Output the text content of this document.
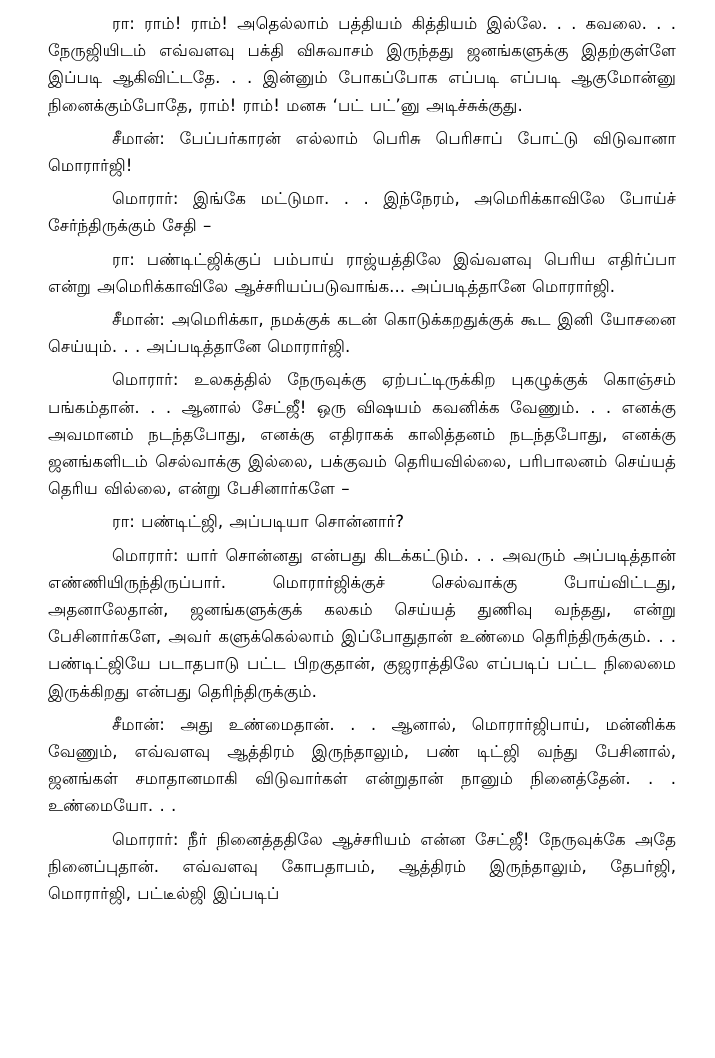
ரா: ராம்! ராம்! அதெல்லாம் பத்தியம் கித்தியம் இல்லே. . . கவலை. . . நேருஜியிடம் எவ்வளவு பக்தி விசுவாசம் இருந்தது ஜனங்களுக்கு இதற்குள்ளே இப்படி ஆகிவிட்டதே. . . இன்னும் போகப்போக எப்படி எப்படி ஆகுமோன்னு நினைக்கும்போதே, ராம்! ராம்! மனசு ‘பட் பட்’னு அடிச்சுக்குது.

சீமான்: பேப்பர்காரன் எல்லாம் பெரிசு பெரிசாப் போட்டு விடுவானா மொரார்ஜி!

மொரார்: இங்கே மட்டுமா. . . இந்நேரம், அமெரிக்காவிலே போய்ச் சேர்ந்திருக்கும் சேதி –

ரா: பண்டிட்ஜிக்குப் பம்பாய் ராஜ்யத்திலே இவ்வளவு பெரிய எதிர்ப்பா என்று அமெரிக்காவிலே ஆச்சரியப்படுவாங்க... அப்படித்தானே மொரார்ஜி.

சீமான்: அமெரிக்கா, நமக்குக் கடன் கொடுக்கறதுக்குக் கூட இனி யோசனை செய்யும். . . அப்படித்தானே மொரார்ஜி.

மொரார்: உலகத்தில் நேருவுக்கு ஏற்பட்டிருக்கிற புகழுக்குக் கொஞ்சம் பங்கம்தான். . . ஆனால் சேட்ஜீ! ஒரு விஷயம் கவனிக்க வேணும். . . எனக்கு அவமானம் நடந்தபோது, எனக்கு எதிராகக் காலித்தனம் நடந்தபோது, எனக்கு ஜனங்களிடம் செல்வாக்கு இல்லை, பக்குவம் தெரியவில்லை, பரிபாலனம் செய்யத் தெரிய வில்லை, என்று பேசினார்களே –

ரா: பண்டிட்ஜி, அப்படியா சொன்னார்?

மொரார்: யார் சொன்னது என்பது கிடக்கட்டும். . . அவரும் அப்படித்தான் எண்ணியிருந்திருப்பார். மொரார்ஜிக்குச் செல்வாக்கு போய்விட்டது, அதனாலேதான், ஜனங்களுக்குக் கலகம் செய்யத் துணிவு வந்தது, என்று பேசினார்களே, அவர் களுக்கெல்லாம் இப்போதுதான் உண்மை தெரிந்திருக்கும். . . பண்டிட்ஜியே படாதபாடு பட்ட பிறகுதான், குஜராத்திலே எப்படிப் பட்ட நிலைமை இருக்கிறது என்பது தெரிந்திருக்கும்.

சீமான்: அது உண்மைதான். . . ஆனால், மொரார்ஜிபாய், மன்னிக்க வேணும், எவ்வளவு ஆத்திரம் இருந்தாலும், பண் டிட்ஜி வந்து பேசினால், ஜனங்கள் சமாதானமாகி விடுவார்கள் என்றுதான் நானும் நினைத்தேன். . . உண்மையோ. . .

மொரார்: நீர் நினைத்ததிலே ஆச்சரியம் என்ன சேட்ஜீ! நேருவுக்கே அதே நினைப்புதான். எவ்வளவு கோபதாபம், ஆத்திரம் இருந்தாலும், தேபர்ஜி, மொரார்ஜி, பட்டீல்ஜி இப்படிப்
